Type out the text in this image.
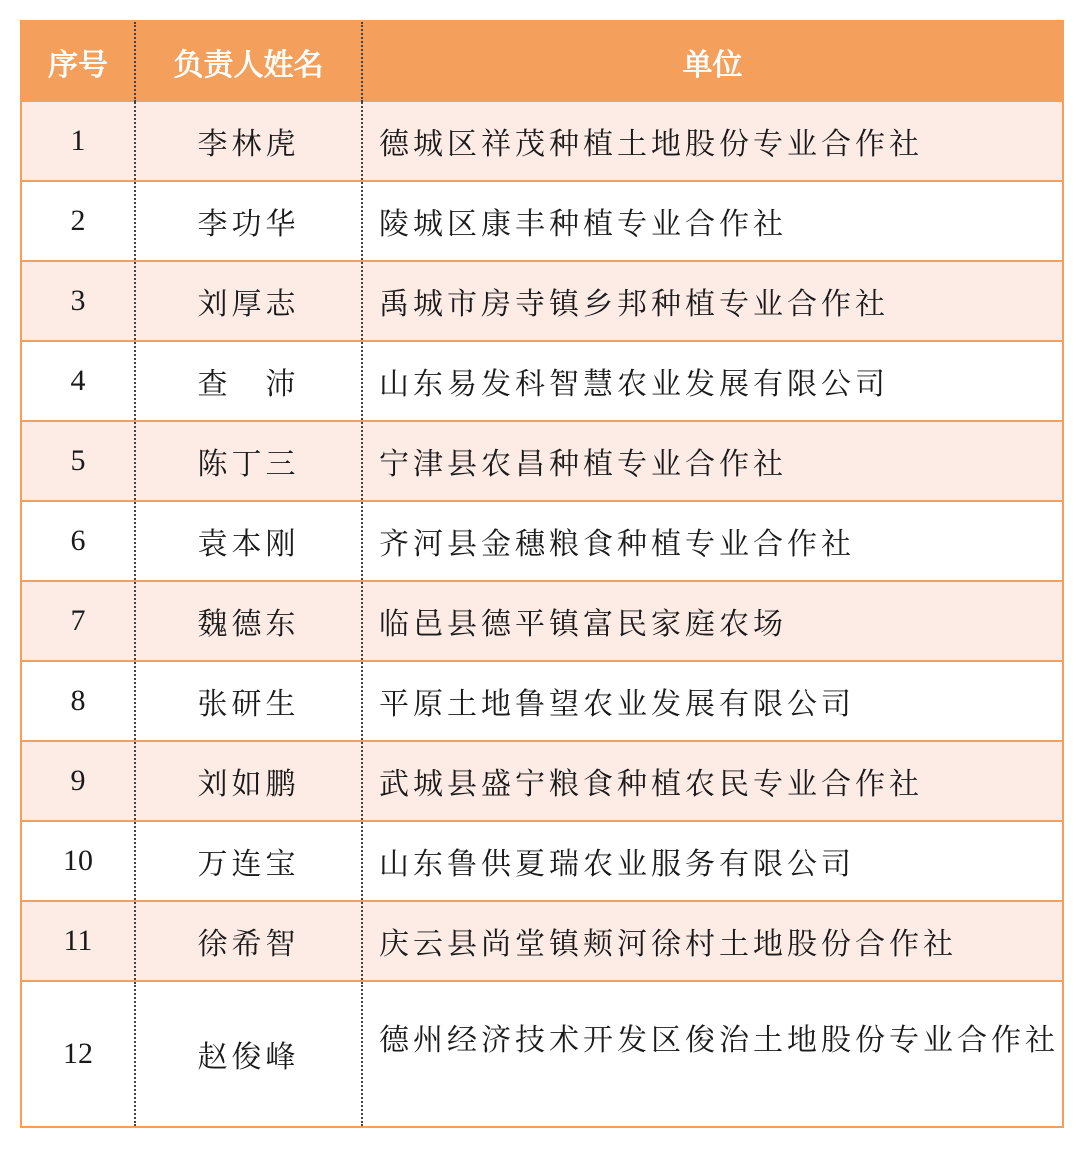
序号	负责人姓名	单位
1	李林虎	德城区祥茂种植土地股份专业合作社
2	李功华	陵城区康丰种植专业合作社
3	刘厚志	禹城市房寺镇乡邦种植专业合作社
4	查　沛	山东易发科智慧农业发展有限公司
5	陈丁三	宁津县农昌种植专业合作社
6	袁本刚	齐河县金穗粮食种植专业合作社
7	魏德东	临邑县德平镇富民家庭农场
8	张研生	平原土地鲁望农业发展有限公司
9	刘如鹏	武城县盛宁粮食种植农民专业合作社
10	万连宝	山东鲁供夏瑞农业服务有限公司
11	徐希智	庆云县尚堂镇颊河徐村土地股份合作社
12	赵俊峰	德州经济技术开发区俊治土地股份专业合作社
